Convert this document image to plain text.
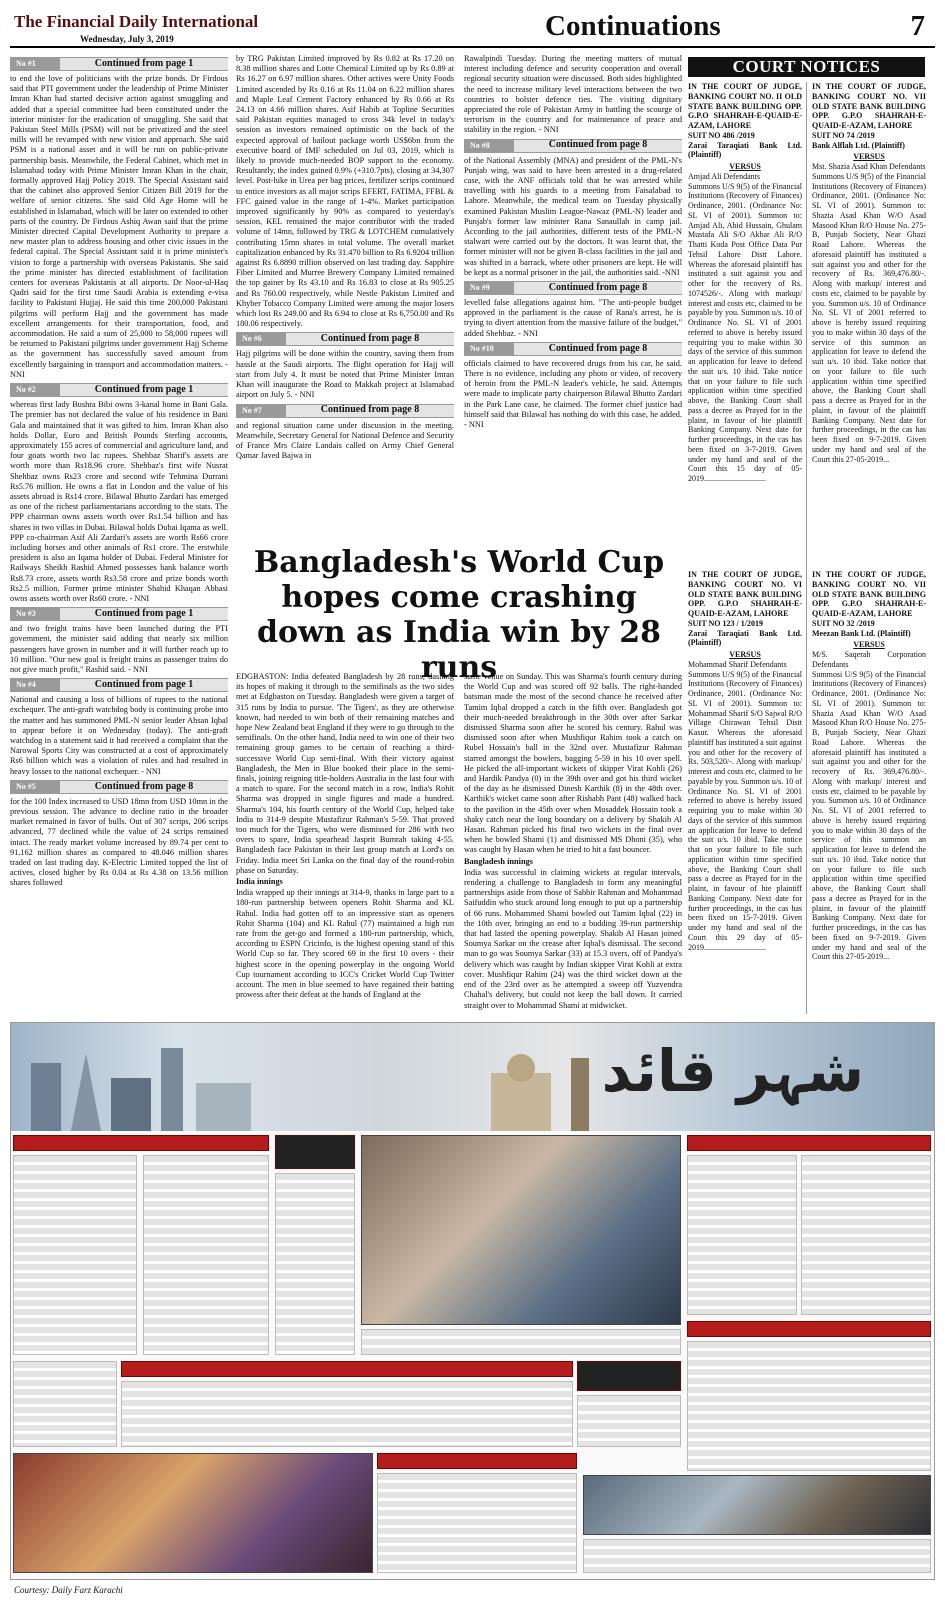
The Financial Daily International
Wednesday, July 3, 2019	Continuations	7
No #1	Continued from page 1

to end the love of politicians with the prize bonds. Dr Firdous said that PTI government under the leadership of Prime Minister Imran Khan had started decisive action against smuggling and added that a special committee had been constituted under the interior minister for the eradication of smuggling. She said that Pakistan Steel Mills (PSM) will not be privatized and the steel mills will be revamped with new vision and approach. She said PSM is a national asset and it will be run on public-private partnership basis. Meanwhile, the Federal Cabinet, which met in Islamabad today with Prime Minister Imran Khan in the chair, formally approved Hajj Policy 2019. The Special Assistant said that the cabinet also approved Senior Citizen Bill 2019 for the welfare of senior citizens. She said Old Age Home will be established in Islamabad, which will be later on extended to other parts of the country. Dr Firdous Ashiq Awan said that the prime Minister directed Capital Development Authority to prepare a new master plan to address housing and other civic issues in the federal capital. The Special Assistant said it is prime minister's vision to forge a partnership with overseas Pakistanis. She said the prime minister has directed establishment of facilitation centers for overseas Pakistanis at all airports. Dr Noor-ul-Haq Qadri said for the first time Saudi Arabia is extending e-visa facility to Pakistani Hujjaj. He said this time 200,000 Pakistani pilgrims will perform Hajj and the government has made excellent arrangements for their transportation, food, and accommodation. He said a sum of 25,000 to 58,000 rupees will be returned to Pakistani pilgrims under government Hajj Scheme as the government has successfully saved amount from excellently bargaining in transport and accommodation matters. - NNI

No #2	Continued from page 1

whereas first lady Bushra Bibi owns 3-kanal home in Bani Gala. The premier has not declared the value of his residence in Bani Gala and maintained that it was gifted to him. Imran Khan also holds Dollar, Euro and British Pounds Sterling accounts, approximately 155 acres of commercial and agriculture land, and four goats worth two lac rupees. Shehbaz Sharif's assets are worth more than Rs18.96 crore. Shehbaz's first wife Nusrat Shehbaz owns Rs23 crore and second wife Tehmina Durrani Rs5.76 million. He owns a flat in London and the value of his assets abroad is Rs14 crore. Bilawal Bhutto Zardari has emerged as one of the richest parliamentarians according to the stats. The PPP chairman owns assets worth over Rs1.54 billion and has shares in two villas in Dubai. Bilawal holds Dubai Iqama as well. PPP co-chairman Asif Ali Zardari's assets are worth Rs66 crore including horses and other animals of Rs1 crore. The erstwhile president is also an Iqama holder of Dubai. Federal Minister for Railways Sheikh Rashid Ahmed possesses bank balance worth Rs8.73 crore, assets worth Rs3.58 crore and prize bonds worth Rs2.5 million. Former prime minister Shahid Khaqan Abbasi owns assets worth over Rs60 crore. - NNI

No #3	Continued from page 1

and two freight trains have been launched during the PTI government, the minister said adding that nearly six million passengers have grown in number and it will further reach up to 10 million. "Our new goal is freight trains as passenger trains do not give much profit," Rashid said. - NNI

No #4	Continued from page 1

National and causing a loss of billions of rupees to the national exchequer. The anti-graft watchdog body is continuing probe into the matter and has summoned PML-N senior leader Ahsan Iqbal to appear before it on Wednesday (today). The anti-graft watchdog in a statement said it had received a complaint that the Narowal Sports City was constructed at a cost of approximately Rs6 billion which was a violation of rules and had resulted in heavy losses to the national exchequer. - NNI

No #5	Continued from page 8

for the 100 Index increased to USD 18mn from USD 10mn in the previous session. The advance to decline ratio in the broader market remained in favor of bulls. Out of 307 scrips, 206 scrips advanced, 77 declined while the value of 24 scrips remained intact. The ready market volume increased by 89.74 per cent to 91.162 million shares as compared to 48.046 million shares traded on last trading day. K-Electric Limited topped the list of actives, closed higher by Rs 0.04 at Rs 4.38 on 13.56 million shares followed

by TRG Pakistan Limited improved by Rs 0.82 at Rs 17.20 on 8.38 million shares and Lotte Chemical Limited up by Rs 0.89 at Rs 16.27 on 6.97 million shares. Other actives were Unity Foods Limited ascended by Rs 0.16 at Rs 11.04 on 6.22 million shares and Maple Leaf Cement Factory enhanced by Rs 0.66 at Rs 24.13 on 4.66 million shares. Asif Habib at Topline Securities said Pakistan equities managed to cross 34k level in today's session as investors remained optimistic on the back of the expected approval of bailout package worth US$6bn from the executive board of IMF scheduled on Jul 03, 2019, which is likely to provide much-needed BOP support to the economy. Resultantly, the index gained 0.9% (+310.7pts), closing at 34,307 level. Post-hike in Urea per bag prices, fertilizer scrips continued to entice investors as all major scrips EFERT, FATIMA, FFBL & FFC gained value in the range of 1-4%. Market participation improved significantly by 90% as compared to yesterday's session, KEL remained the major contributor with the traded volume of 14mn, followed by TRG & LOTCHEM cumulatively contributing 15mn shares in total volume. The overall market capitalization enhanced by Rs 31.470 billion to Rs 6.9204 trillion against Rs 6.8890 trillion observed on last trading day. Sapphire Fiber Limited and Murree Brewery Company Limited remained the top gainer by Rs 43.10 and Rs 16.83 to close at Rs 905.25 and Rs 760.00 respectively, while Nestle Pakistan Limited and Khyber Tobacco Company Limited were among the major losers which lost Rs 249.00 and Rs 6.94 to close at Rs 6,750.00 and Rs 180.06 respectively.

No #6	Continued from page 8

Hajj pilgrims will be done within the country, saving them from hassle at the Saudi airports. The flight operation for Hajj will start from July 4. It must be noted that Prime Minister Imran Khan will inaugurate the Road to Makkah project at Islamabad airport on July 5. - NNI

No #7	Continued from page 8

and regional situation came under discussion in the meeting. Meanwhile, Secretary General for National Defence and Security of France Mrs Claire Landais called on Army Chief General Qamar Javed Bajwa in

Rawalpindi Tuesday. During the meeting matters of mutual interest including defence and security cooperation and overall regional security situation were discussed. Both sides highlighted the need to increase military level interactions between the two countries to bolster defence ties. The visiting dignitary appreciated the role of Pakistan Army in battling the scourge of terrorism in the country and for maintenance of peace and stability in the region. - NNI

No #8	Continued from page 8

of the National Assembly (MNA) and president of the PML-N's Punjab wing, was said to have been arrested in a drug-related case, with the ANF officials told that he was arrested while travelling with his guards to a meeting from Faisalabad to Lahore. Meanwhile, the medical team on Tuesday physically examined Pakistan Muslim League-Nawaz (PML-N) leader and Punjab's former law minister Rana Sanaullah in camp jail. According to the jail authorities, different tests of the PML-N stalwart were carried out by the doctors. It was learnt that, the former minister will not be given B-class facilities in the jail and was shifted in a barrack, where other prisoners are kept. He will be kept as a normal prisoner in the jail, the authorities said. -NNI

No #9	Continued from page 8

levelled false allegations against him. "The anti-people budget approved in the parliament is the cause of Rana's arrest, he is trying to divert attention from the massive failure of the budget," added Shehbaz. - NNI

No #10	Continued from page 8

officials claimed to have recovered drugs from his car, he said. There is no evidence, including any photo or video, of recovery of heroin from the PML-N leader's vehicle, he said. Attempts were made to implicate party chairperson Bilawal Bhutto Zardari in the Park Lane case, he claimed. The former chief justice had himself said that Bilawal has nothing do with this case, he added. - NNI

Bangladesh's World Cup hopes come crashing down as India win by 28 runs

EDGBASTON: India defeated Bangladesh by 28 runs, dashing its hopes of making it through to the semifinals as the two sides met at Edgbaston on Tuesday. Bangladesh were given a target of 315 runs by India to pursue. 'The Tigers', as they are otherwise known, had needed to win both of their remaining matches and hope New Zealand beat England if they were to go through to the semifinals. On the other hand, India need to win one of their two remaining group games to be certain of reaching a third-successive World Cup semi-final. With their victory against Bangladesh, the Men in Blue booked their place in the semi-finals, joining reigning title-holders Australia in the last four with a match to spare. For the second match in a row, India's Rohit Sharma was dropped in single figures and made a hundred. Sharma's 104, his fourth century of the World Cup, helped take India to 314-9 despite Mustafizur Rahman's 5-59. That proved too much for the Tigers, who were dismissed for 286 with two overs to spare, India spearhead Jasprit Bumrah taking 4-55. Bangladesh face Pakistan in their last group match at Lord's on Friday. India meet Sri Lanka on the final day of the round-robin phase on Saturday.

India innings

India wrapped up their innings at 314-9, thanks in large part to a 180-run partnership between openers Rohit Sharma and KL Rahul. India had gotten off to an impressive start as openers Rohit Sharma (104) and KL Rahul (77) maintained a high run rate from the get-go and formed a 180-run partnership, which, according to ESPN Cricinfo, is the highest opening stand of this World Cup so far. They scored 69 in the first 10 overs - their highest score in the opening powerplay in the ongoing World Cup tournament according to ICC's Cricket World Cup Twitter account. The men in blue seemed to have regained their batting prowess after their defeat at the hands of England at the

same venue on Sunday. This was Sharma's fourth century during the World Cup and was scored off 92 balls. The right-handed batsman made the most of the second chance he received after Tamim Iqbal dropped a catch in the fifth over. Bangladesh got their much-needed breakthrough in the 30th over after Sarkar dismissed Sharma soon after he scored his century. Rahul was dismissed soon after when Mushfiqur Rahim took a catch on Rubel Hossain's ball in the 32nd over. Mustafizur Rahman starred amongst the bowlers, bagging 5-59 in his 10 over spell. He picked the all-important wickets of skipper Virat Kohli (26) and Hardik Pandya (0) in the 39th over and got his third wicket of the day as he dismissed Dinesh Karthik (8) in the 48th over. Karthik's wicket came soon after Rishabh Pant (48) walked back to the pavilion in the 45th over when Mosaddek Hossain took a shaky catch near the long boundary on a delivery by Shakib Al Hasan. Rahman picked his final two wickets in the final over when he bowled Shami (1) and dismissed MS Dhoni (35), who was caught by Hasan when he tried to hit a fast bouncer.

Bangladesh innings

India was successful in claiming wickets at regular intervals, rendering a challenge to Bangladesh to form any meaningful partnerships aside from those of Sabbir Rahman and Mohammad Saifuddin who stuck around long enough to put up a partnership of 66 runs. Mohammed Shami bowled out Tamim Iqbal (22) in the 10th over, bringing an end to a budding 39-run partnership that had lasted the opening powerplay. Shakib Al Hasan joined Soumya Sarkar on the crease after Iqbal's dismissal. The second man to go was Soumya Sarkar (33) at 15.3 overs, off of Pandya's delivery which was caught by Indian skipper Virat Kohli at extra cover. Mushfiqur Rahim (24) was the third wicket down at the end of the 23rd over as he attempted a sweep off Yuzvendra Chahal's delivery, but could not keep the ball down. It carried straight over to Mohammad Shami at midwicket.

COURT NOTICES
IN THE COURT OF JUDGE, BANKING COURT NO. II OLD STATE BANK BUILDING OPP. G.P.O SHAHRAH-E-QUAID-E-AZAM, LAHORE
SUIT NO 486 /2019
Zarai Taraqiati Bank Ltd. (Plaintiff)
VERSUS

Amjad Ali Defendants

Summons U/S 9(5) of the Financial Institutions (Recovery of Finances) Ordinance, 2001. (Ordinance No: SL VI of 2001). Summon to: Amjad Ali, Abid Hussain, Ghulam Mustafa Ali S/O Akbar Ali R/O Thatti Koda Post Office Data Pur Tehsil Lahore Distt Lahore. Whereas the aforesaid plaintiff has instituted a suit against you and other for the recovery of Rs. 1074526/-. Along with markup/ interest and costs etc, claimed to be payable by you. Summon u/s. 10 of Ordinance No. SL VI of 2001 referred to above is hereby issued requiring you to make within 30 days of the service of this summon an application for leave to defend the suit u/s. 10 ibid. Take notice that on your failure to file such application within time specified above, the Banking Court shall pass a decree as Prayed for in the plaint, in favour of hte plaintiff Banking Company. Next date for further proceedings, in the cas has been fixed on 3-7-2019. Given under my hand and seal of the Court this 15 day of 05-2019...............................

IN THE COURT OF JUDGE, BANKING COURT NO. VII OLD STATE BANK BUILDING OPP. G.P.O SHAHRAH-E-QUAID-E-AZAM, LAHORE
SUIT NO 74 /2019
Bank Alflah Ltd. (Plaintiff)
VERSUS

Mst. Shazia Asad Khan Defendants

Summons U/S 9(5) of the Financial Institutions (Recovery of Finances) Ordinance, 2001. (Ordinance No: SL VI of 2001). Summon to: Shazia Asad Khan W/O Asad Masood Khan R/O House No. 275-B, Punjab Society, Near Ghazi Road Lahore. Whereas the aforesaid plaintiff has instituted a suit against you and other for the recovery of Rs. 369,476.80/-. Along with markup/ interest and costs etc, claimed to be payable by you. Summon u/s. 10 of Ordinance No. SL VI of 2001 referred to above is hereby issued requiring you to make within 30 days of the service of this summon an application for leave to defend the suit u/s. 10 ibid. Take notice that on your failure to file such application within time specified above, the Banking Court shall pass a decree as Prayed for in the plaint, in favour of the plaintiff Banking Company. Next date for further proceedings, in the cas has been fixed on 9-7-2019. Given under my hand and seal of the Court this 27-05-2019...

IN THE COURT OF JUDGE, BANKING COURT NO. VI OLD STATE BANK BUILDING OPP. G.P.O SHAHRAH-E-QUAID-E-AZAM, LAHORE
SUIT NO 123 / 1/2019
Zarai Taraqiati Bank Ltd. (Plaintiff)
VERSUS

Mohammad Sharif Defendants

Summons U/S 9(5) of the Financial Institutions (Recovery of Finances) Ordinance, 2001. (Ordinance No: SL VI of 2001). Summon to: Mohammad Sharif S/O Sajwal R/O Village Chirawan Tehsil Distt Kasur. Whereas the aforesaid plaintiff has instituted a suit against you and other for the recovery of Rs. 503,520/-. Along with markup/ interest and costs etc, claimed to be payable by you. Summon u/s. 10 of Ordinance No. SL VI of 2001 referred to above is hereby issued requiring you to make within 30 days of the service of this summon an application for leave to defend the suit u/s. 10 ibid. Take notice that on your failure to file such application within time specified above, the Banking Court shall pass a decree as Prayed for in the plaint, in favour of hte plaintiff Banking Company. Next date for further proceedings, in the cas has been fixed on 15-7-2019. Given under my hand and seal of the Court this 29 day of 05-2019...............................

IN THE COURT OF JUDGE, BANKING COURT NO. VII OLD STATE BANK BUILDING OPP. G.P.O SHAHRAH-E-QUAID-E-AZAM, LAHORE
SUIT NO 32 /2019
Meezan Bank Ltd. (Plaintiff)
VERSUS

M/S. Saqerah Corporation Defendants

Summosi U/S 9(5) of the Financial Institutions (Recovery of Finances) Ordinance, 2001. (Ordinance No: SL VI of 2001). Summon to: Shazia Asad Khan W/O Asad Masood Khan R/O House No. 275-B, Punjab Society, Near Ghazi Road Lahore. Whereas the aforesaid plaintiff has instituted a suit against you and other for the recovery of Rs. 369,476.80/-. Along with markup/ interest and costs etc, claimed to be payable by you. Summon u/s. 10 of Ordinance No. SL VI of 2001 referred to above is hereby issued requiring you to make within 30 days of the service of this summon an application for leave to defend the suit u/s. 10 ibid. Take notice that on your failure to file such application within time specified above, the Banking Court shall pass a decree as Prayed for in the plaint, in favour of the plaintiff Banking Company. Next date for further proceedings, in the cas has been fixed on 9-7-2019. Given under my hand and seal of the Court this 27-05-2019...

شہر قائد
Courtesy: Daily Farz Karachi
